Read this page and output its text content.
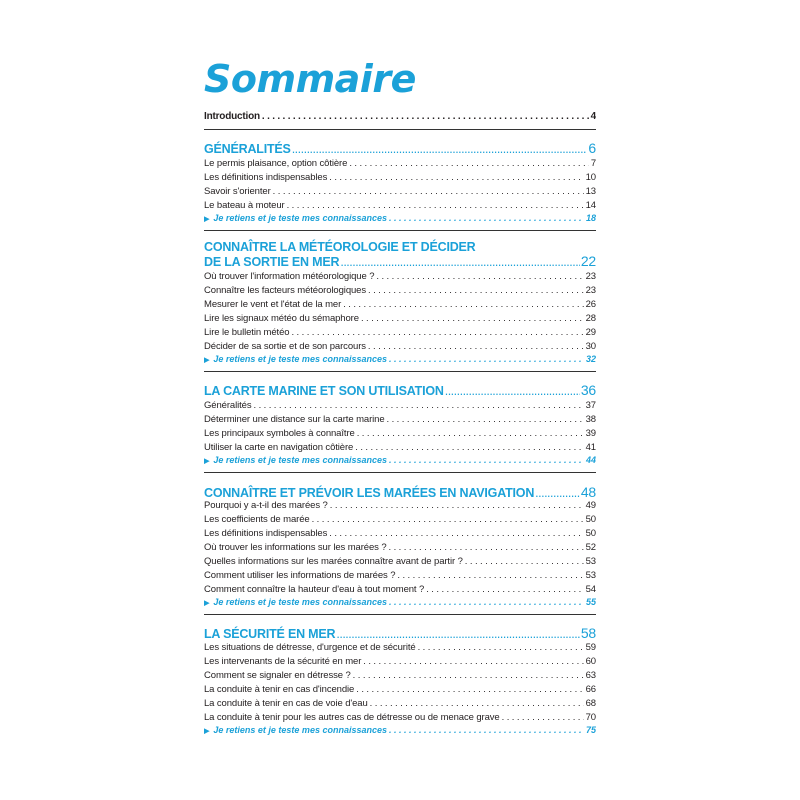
Sommaire
Introduction . . .	4
GÉNÉRALITÉS .....	6
Le permis plaisance, option côtière . . .	7
Les définitions indispensables . . .	10
Savoir s'orienter . . .	13
Le bateau à moteur . . .	14
▶ Je retiens et je teste mes connaissances . . .	18
CONNAÎTRE LA MÉTÉOROLOGIE ET DÉCIDER
DE LA SORTIE EN MER .....	22
Où trouver l'information météorologique ? . . .	23
Connaître les facteurs météorologiques . . .	23
Mesurer le vent et l'état de la mer . . .	26
Lire les signaux météo du sémaphore . . .	28
Lire le bulletin météo . . .	29
Décider de sa sortie et de son parcours . . .	30
▶ Je retiens et je teste mes connaissances . . .	32
LA CARTE MARINE ET SON UTILISATION .....	36
Généralités . . .	37
Déterminer une distance sur la carte marine . . .	38
Les principaux symboles à connaître . . .	39
Utiliser la carte en navigation côtière . . .	41
▶ Je retiens et je teste mes connaissances . . .	44
CONNAÎTRE ET PRÉVOIR LES MARÉES EN NAVIGATION .....	48
Pourquoi y a-t-il des marées ? . . .	49
Les coefficients de marée . . .	50
Les définitions indispensables . . .	50
Où trouver les informations sur les marées ? . . .	52
Quelles informations sur les marées connaître avant de partir ? . . .	53
Comment utiliser les informations de marées ? . . .	53
Comment connaître la hauteur d'eau à tout moment ? . . .	54
▶ Je retiens et je teste mes connaissances . . .	55
LA SÉCURITÉ EN MER .....	58
Les situations de détresse, d'urgence et de sécurité . . .	59
Les intervenants de la sécurité en mer . . .	60
Comment se signaler en détresse ? . . .	63
La conduite à tenir en cas d'incendie . . .	66
La conduite à tenir en cas de voie d'eau . . .	68
La conduite à tenir pour les autres cas de détresse ou de menace grave . . .	70
▶ Je retiens et je teste mes connaissances . . .	75
